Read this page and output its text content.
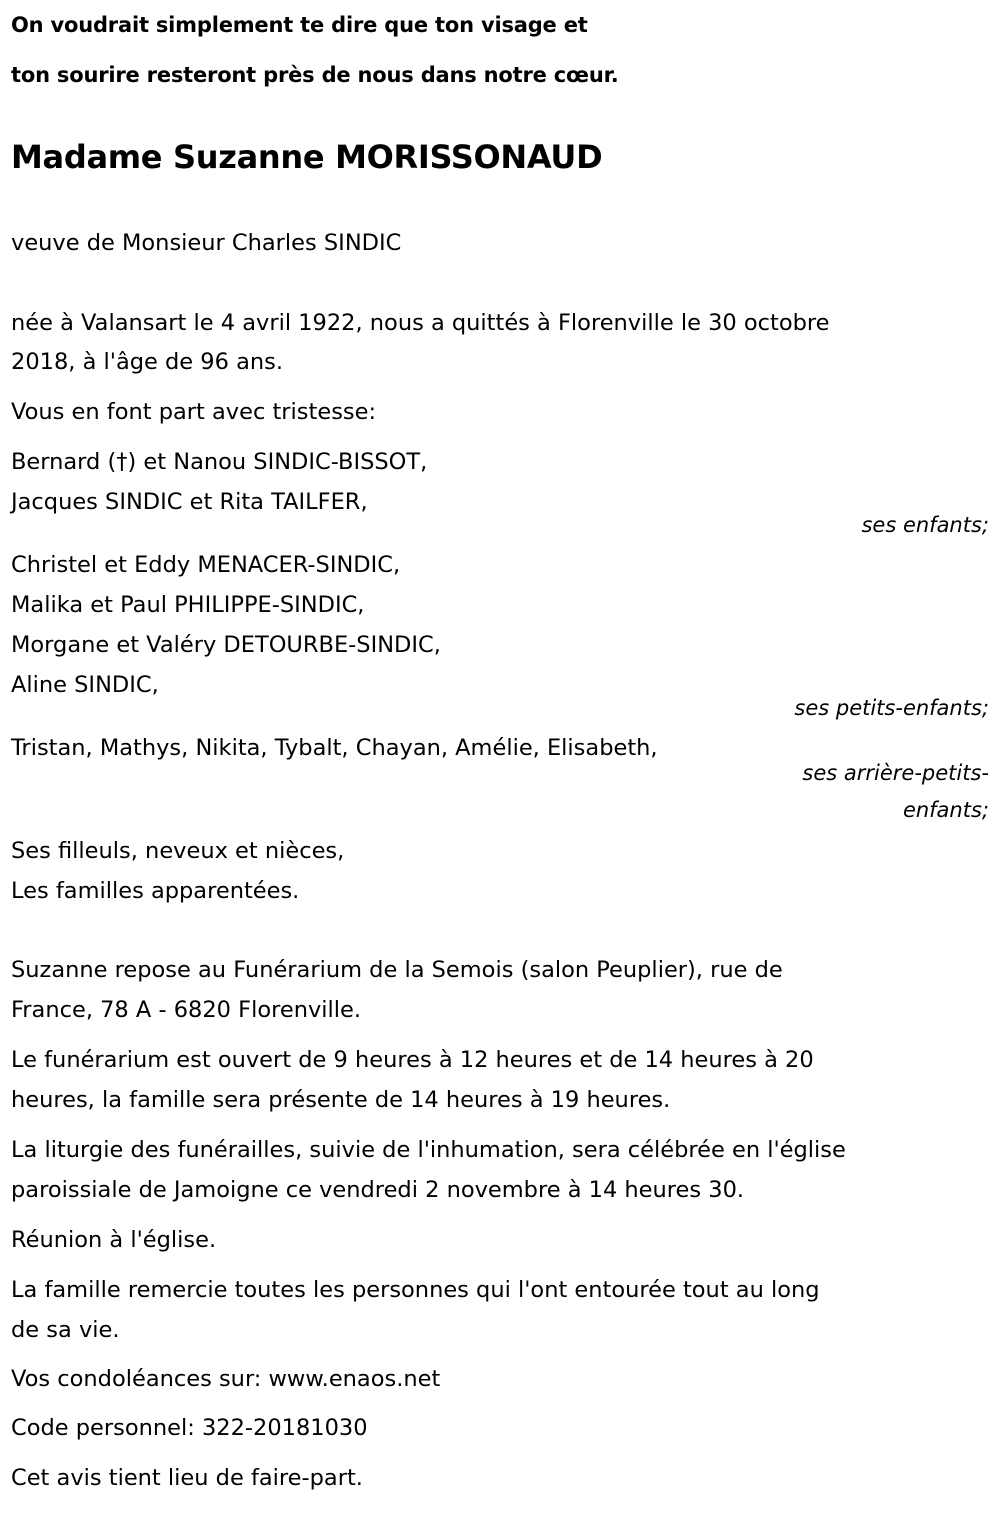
On voudrait simplement te dire que ton visage et
ton sourire resteront près de nous dans notre cœur.
Madame Suzanne MORISSONAUD
veuve de Monsieur Charles SINDIC
née à Valansart le 4 avril 1922, nous a quittés à Florenville le 30 octobre
2018, à l'âge de 96 ans.
Vous en font part avec tristesse:
Bernard (†) et Nanou SINDIC-BISSOT,
Jacques SINDIC et Rita TAILFER,
ses enfants;
Christel et Eddy MENACER-SINDIC,
Malika et Paul PHILIPPE-SINDIC,
Morgane et Valéry DETOURBE-SINDIC,
Aline SINDIC,
ses petits-enfants;
Tristan, Mathys, Nikita, Tybalt, Chayan, Amélie, Elisabeth,
ses arrière-petits-
enfants;
Ses filleuls, neveux et nièces,
Les familles apparentées.
Suzanne repose au Funérarium de la Semois (salon Peuplier), rue de
France, 78 A - 6820 Florenville.
Le funérarium est ouvert de 9 heures à 12 heures et de 14 heures à 20
heures, la famille sera présente de 14 heures à 19 heures.
La liturgie des funérailles, suivie de l'inhumation, sera célébrée en l'église
paroissiale de Jamoigne ce vendredi 2 novembre à 14 heures 30.
Réunion à l'église.
La famille remercie toutes les personnes qui l'ont entourée tout au long
de sa vie.
Vos condoléances sur: www.enaos.net
Code personnel: 322-20181030
Cet avis tient lieu de faire-part.
